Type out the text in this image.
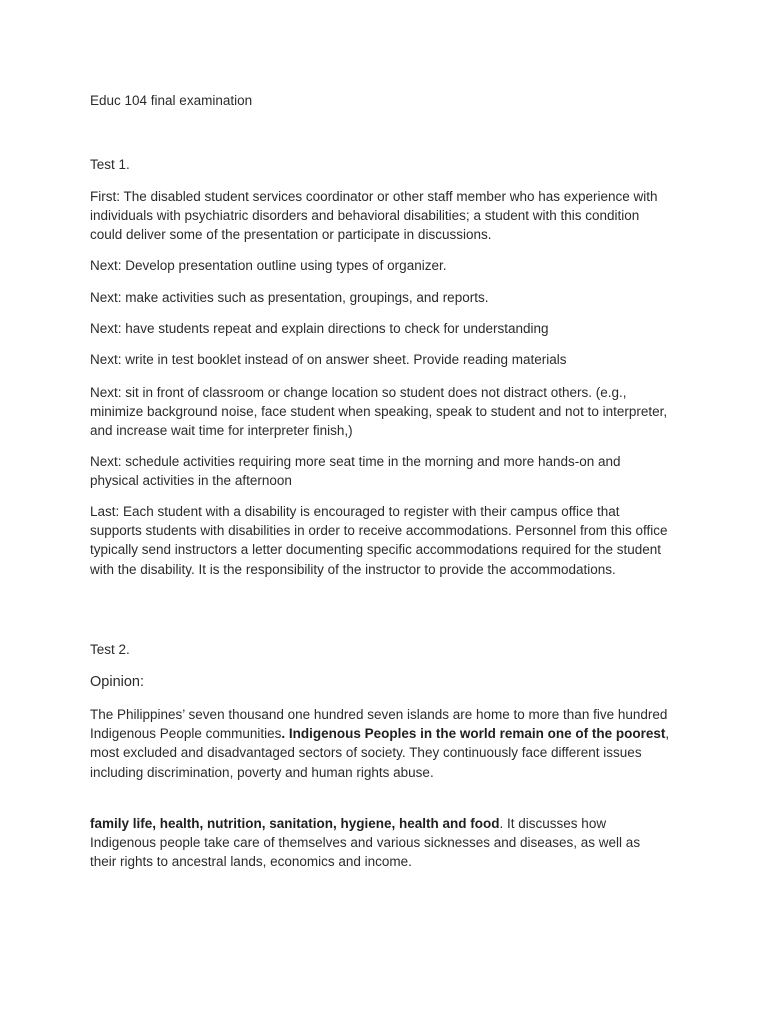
Educ 104 final examination
Test 1.

First: The disabled student services coordinator or other staff member who has experience with individuals with psychiatric disorders and behavioral disabilities; a student with this condition could deliver some of the presentation or participate in discussions.

Next: Develop presentation outline using types of organizer.

Next: make activities such as presentation, groupings, and reports.

Next: have students repeat and explain directions to check for understanding

Next: write in test booklet instead of on answer sheet. Provide reading materials

Next: sit in front of classroom or change location so student does not distract others. (e.g., minimize background noise, face student when speaking, speak to student and not to interpreter, and increase wait time for interpreter finish,)

Next: schedule activities requiring more seat time in the morning and more hands-on and physical activities in the afternoon

Last: Each student with a disability is encouraged to register with their campus office that supports students with disabilities in order to receive accommodations. Personnel from this office typically send instructors a letter documenting specific accommodations required for the student with the disability. It is the responsibility of the instructor to provide the accommodations.

Test 2.
Opinion:

The Philippines’ seven thousand one hundred seven islands are home to more than five hundred Indigenous People communities. Indigenous Peoples in the world remain one of the poorest, most excluded and disadvantaged sectors of society. They continuously face different issues including discrimination, poverty and human rights abuse.

family life, health, nutrition, sanitation, hygiene, health and food. It discusses how Indigenous people take care of themselves and various sicknesses and diseases, as well as their rights to ancestral lands, economics and income.
